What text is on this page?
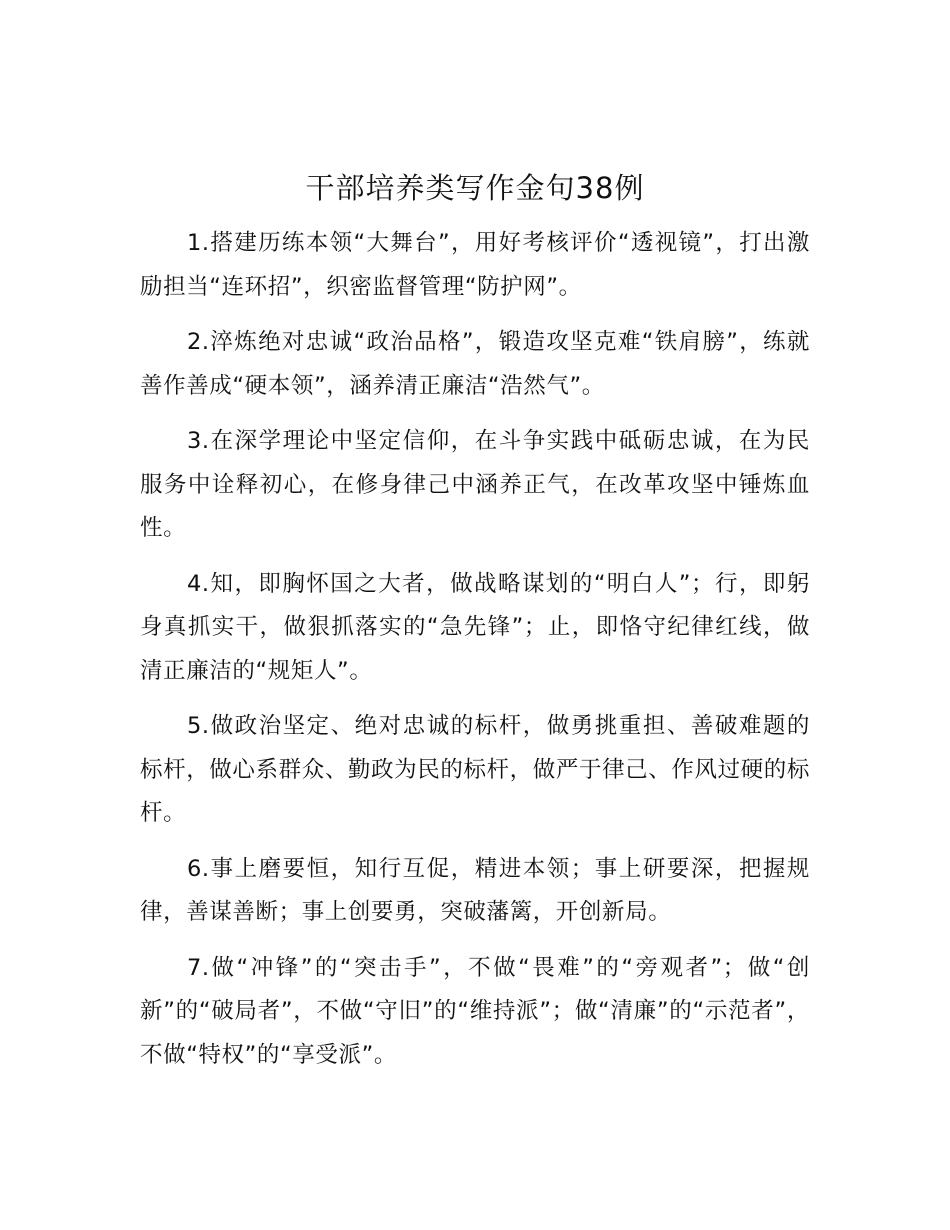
干部培养类写作金句38例

1.搭建历练本领“大舞台”，用好考核评价“透视镜”，打出激励担当“连环招”，织密监督管理“防护网”。

2.淬炼绝对忠诚“政治品格”，锻造攻坚克难“铁肩膀”，练就善作善成“硬本领”，涵养清正廉洁“浩然气”。

3.在深学理论中坚定信仰，在斗争实践中砥砺忠诚，在为民服务中诠释初心，在修身律己中涵养正气，在改革攻坚中锤炼血性。

4.知，即胸怀国之大者，做战略谋划的“明白人”；行，即躬身真抓实干，做狠抓落实的“急先锋”；止，即恪守纪律红线，做清正廉洁的“规矩人”。

5.做政治坚定、绝对忠诚的标杆，做勇挑重担、善破难题的标杆，做心系群众、勤政为民的标杆，做严于律己、作风过硬的标杆。

6.事上磨要恒，知行互促，精进本领；事上研要深，把握规律，善谋善断；事上创要勇，突破藩篱，开创新局。

7.做“冲锋”的“突击手”，不做“畏难”的“旁观者”；做“创新”的“破局者”，不做“守旧”的“维持派”；做“清廉”的“示范者”，不做“特权”的“享受派”。
